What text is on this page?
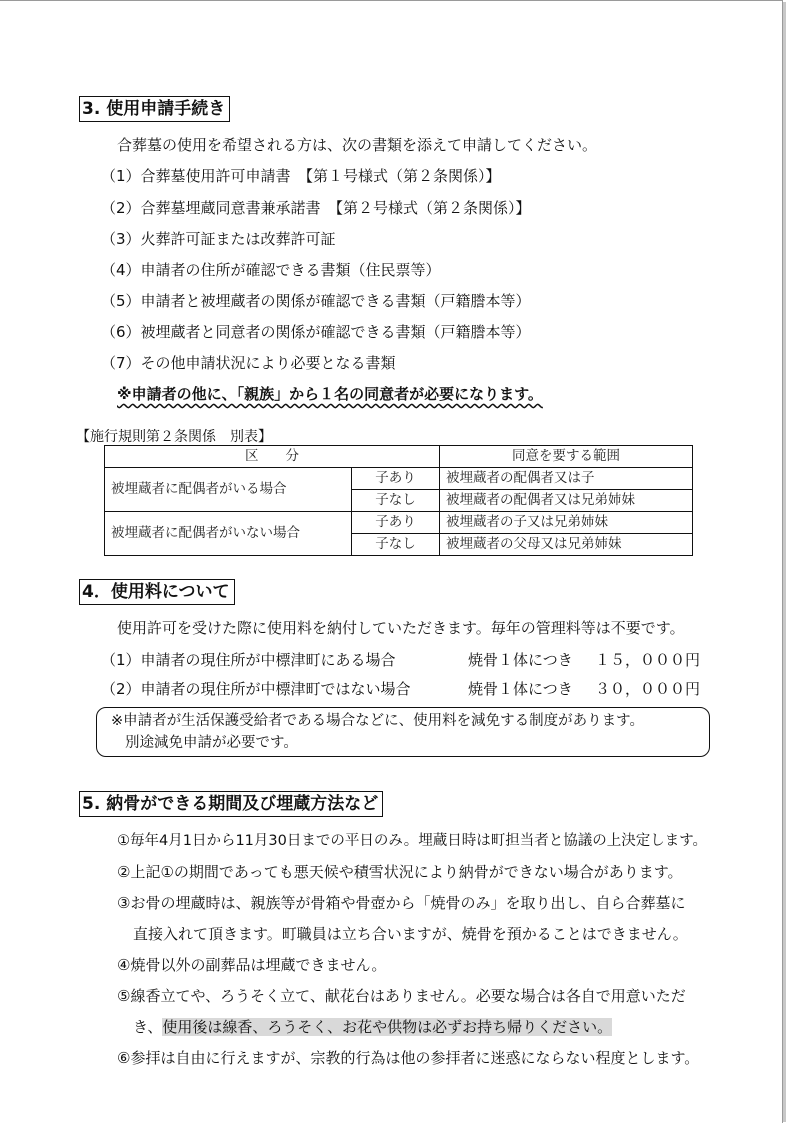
3. 使用申請手続き
合葬墓の使用を希望される方は、次の書類を添えて申請してください。
（1）合葬墓使用許可申請書　【第１号様式（第２条関係）】
（2）合葬墓埋蔵同意書兼承諾書　【第２号様式（第２条関係）】
（3）火葬許可証または改葬許可証
（4）申請者の住所が確認できる書類（住民票等）
（5）申請者と被埋蔵者の関係が確認できる書類（戸籍謄本等）
（6）被埋蔵者と同意者の関係が確認できる書類（戸籍謄本等）
（7）その他申請状況により必要となる書類
※申請者の他に、「親族」から１名の同意者が必要になります。
【施行規則第２条関係　別表】
区　　分		同意を要する範囲
被埋蔵者に配偶者がいる場合	子あり	被埋蔵者の配偶者又は子
	子なし	被埋蔵者の配偶者又は兄弟姉妹
被埋蔵者に配偶者がいない場合	子あり	被埋蔵者の子又は兄弟姉妹
	子なし	被埋蔵者の父母又は兄弟姉妹
4．使用料について
使用許可を受けた際に使用料を納付していただきます。毎年の管理料等は不要です。
（1）申請者の現住所が中標津町にある場合	焼骨１体につき １５，０００円
（2）申請者の現住所が中標津町ではない場合	焼骨１体につき ３０，０００円
※申請者が生活保護受給者である場合などに、使用料を減免する制度があります。
別途減免申請が必要です。
5. 納骨ができる期間及び埋蔵方法など
①毎年4月1日から11月30日までの平日のみ。埋蔵日時は町担当者と協議の上決定します。
②上記①の期間であっても悪天候や積雪状況により納骨ができない場合があります。
③お骨の埋蔵時は、親族等が骨箱や骨壺から「焼骨のみ」を取り出し、自ら合葬墓に
直接入れて頂きます。町職員は立ち合いますが、焼骨を預かることはできません。
④焼骨以外の副葬品は埋蔵できません。
⑤線香立てや、ろうそく立て、献花台はありません。必要な場合は各自で用意いただ
き、使用後は線香、ろうそく、お花や供物は必ずお持ち帰りください。
⑥参拝は自由に行えますが、宗教的行為は他の参拝者に迷惑にならない程度とします。
